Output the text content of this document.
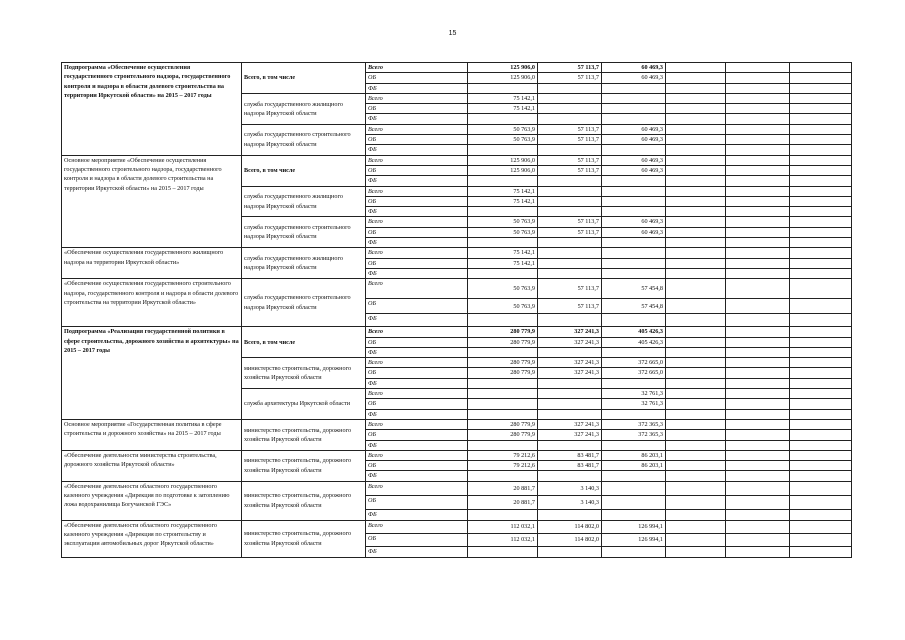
15
Подпрограмма «Обеспечение осуществления государственного строительного надзора, государственного контроля и надзора в области долевого строительства на территории Иркутской области» на 2015 – 2017 годы	Всего, в том числе	Всего	125 906,0	57 113,7	60 469,3			
		ОБ	125 906,0	57 113,7	60 469,3			
		ФБ						
	служба государственного жилищного надзора Иркутской области	Всего	75 142,1					
		ОБ	75 142,1					
		ФБ						
	служба государственного строительного надзора Иркутской области	Всего	50 763,9	57 113,7	60 469,3			
		ОБ	50 763,9	57 113,7	60 469,3			
		ФБ						
Основное мероприятие «Обеспечение осуществления государственного строительного надзора, государственного контроля и надзора в области долевого строительства на территории Иркутской области» на 2015 – 2017 годы	Всего, в том числе	Всего	125 906,0	57 113,7	60 469,3			
		ОБ	125 906,0	57 113,7	60 469,3			
		ФБ						
	служба государственного жилищного надзора Иркутской области	Всего	75 142,1					
		ОБ	75 142,1					
		ФБ						
	служба государственного строительного надзора Иркутской области	Всего	50 763,9	57 113,7	60 469,3			
		ОБ	50 763,9	57 113,7	60 469,3			
		ФБ						
«Обеспечение осуществления государственного жилищного надзора на территории Иркутской области»	служба государственного жилищного надзора Иркутской области	Всего	75 142,1					
		ОБ	75 142,1					
		ФБ						
«Обеспечение осуществления государственного строительного надзора, государственного контроля и надзора в области долевого строительства на территории Иркутской области»	служба государственного строительного надзора Иркутской области	Всего	50 763,9	57 113,7	57 454,8			
		ОБ	50 763,9	57 113,7	57 454,8			
		ФБ						
Подпрограмма «Реализация государственной политики в сфере строительства, дорожного хозяйства и архитектуры» на 2015 – 2017 годы	Всего, в том числе	Всего	280 779,9	327 241,3	405 426,3			
		ОБ	280 779,9	327 241,3	405 426,3			
		ФБ						
	министерство строительства, дорожного хозяйства Иркутской области	Всего	280 779,9	327 241,3	372 665,0			
		ОБ	280 779,9	327 241,3	372 665,0			
		ФБ						
	служба архитектуры Иркутской области	Всего			32 761,3			
		ОБ			32 761,3			
		ФБ						
Основное мероприятие «Государственная политика в сфере строительства и дорожного хозяйства» на 2015 – 2017 годы	министерство строительства, дорожного хозяйства Иркутской области	Всего	280 779,9	327 241,3	372 365,3			
		ОБ	280 779,9	327 241,3	372 365,3			
		ФБ						
«Обеспечение деятельности министерства строительства, дорожного хозяйства Иркутской области»	министерство строительства, дорожного хозяйства Иркутской области	Всего	79 212,6	83 481,7	86 203,1			
		ОБ	79 212,6	83 481,7	86 203,1			
		ФБ						
«Обеспечение деятельности областного государственного казенного учреждения «Дирекция по подготовке к затоплению ложа водохранилища Богучанской ГЭС»	министерство строительства, дорожного хозяйства Иркутской области	Всего	20 881,7	3 140,3				
		ОБ	20 881,7	3 140,3				
		ФБ						
«Обеспечение деятельности областного государственного казенного учреждения «Дирекция по строительству и эксплуатации автомобильных дорог Иркутской области»	министерство строительства, дорожного хозяйства Иркутской области	Всего	112 032,1	114 802,0	126 994,1			
		ОБ	112 032,1	114 802,0	126 994,1			
		ФБ						
